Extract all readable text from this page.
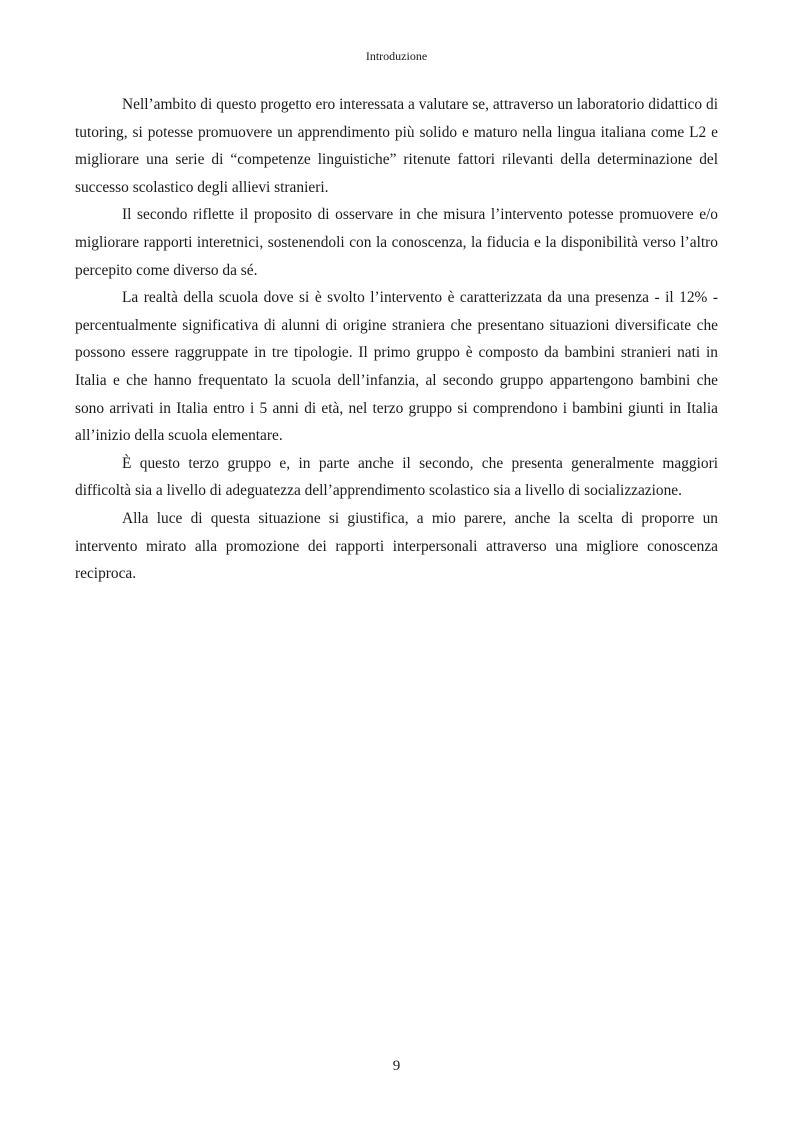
Introduzione

Nell’ambito di questo progetto ero interessata a valutare se, attraverso un laboratorio didattico di tutoring, si potesse promuovere un apprendimento più solido e maturo nella lingua italiana come L2 e migliorare una serie di “competenze linguistiche” ritenute fattori rilevanti della determinazione del successo scolastico degli allievi stranieri.

Il secondo riflette il proposito di osservare in che misura l’intervento potesse promuovere e/o migliorare rapporti interetnici, sostenendoli con la conoscenza, la fiducia e la disponibilità verso l’altro percepito come diverso da sé.

La realtà della scuola dove si è svolto l’intervento è caratterizzata da una presenza - il 12% - percentualmente significativa di alunni di origine straniera che presentano situazioni diversificate che possono essere raggruppate in tre tipologie. Il primo gruppo è composto da bambini stranieri nati in Italia e che hanno frequentato la scuola dell’infanzia, al secondo gruppo appartengono bambini che sono arrivati in Italia entro i 5 anni di età, nel terzo gruppo si comprendono i bambini giunti in Italia all’inizio della scuola elementare.

È questo terzo gruppo e, in parte anche il secondo, che presenta generalmente maggiori difficoltà sia a livello di adeguatezza dell’apprendimento scolastico sia a livello di socializzazione.

Alla luce di questa situazione si giustifica, a mio parere, anche la scelta di proporre un intervento mirato alla promozione dei rapporti interpersonali attraverso una migliore conoscenza reciproca.

9
